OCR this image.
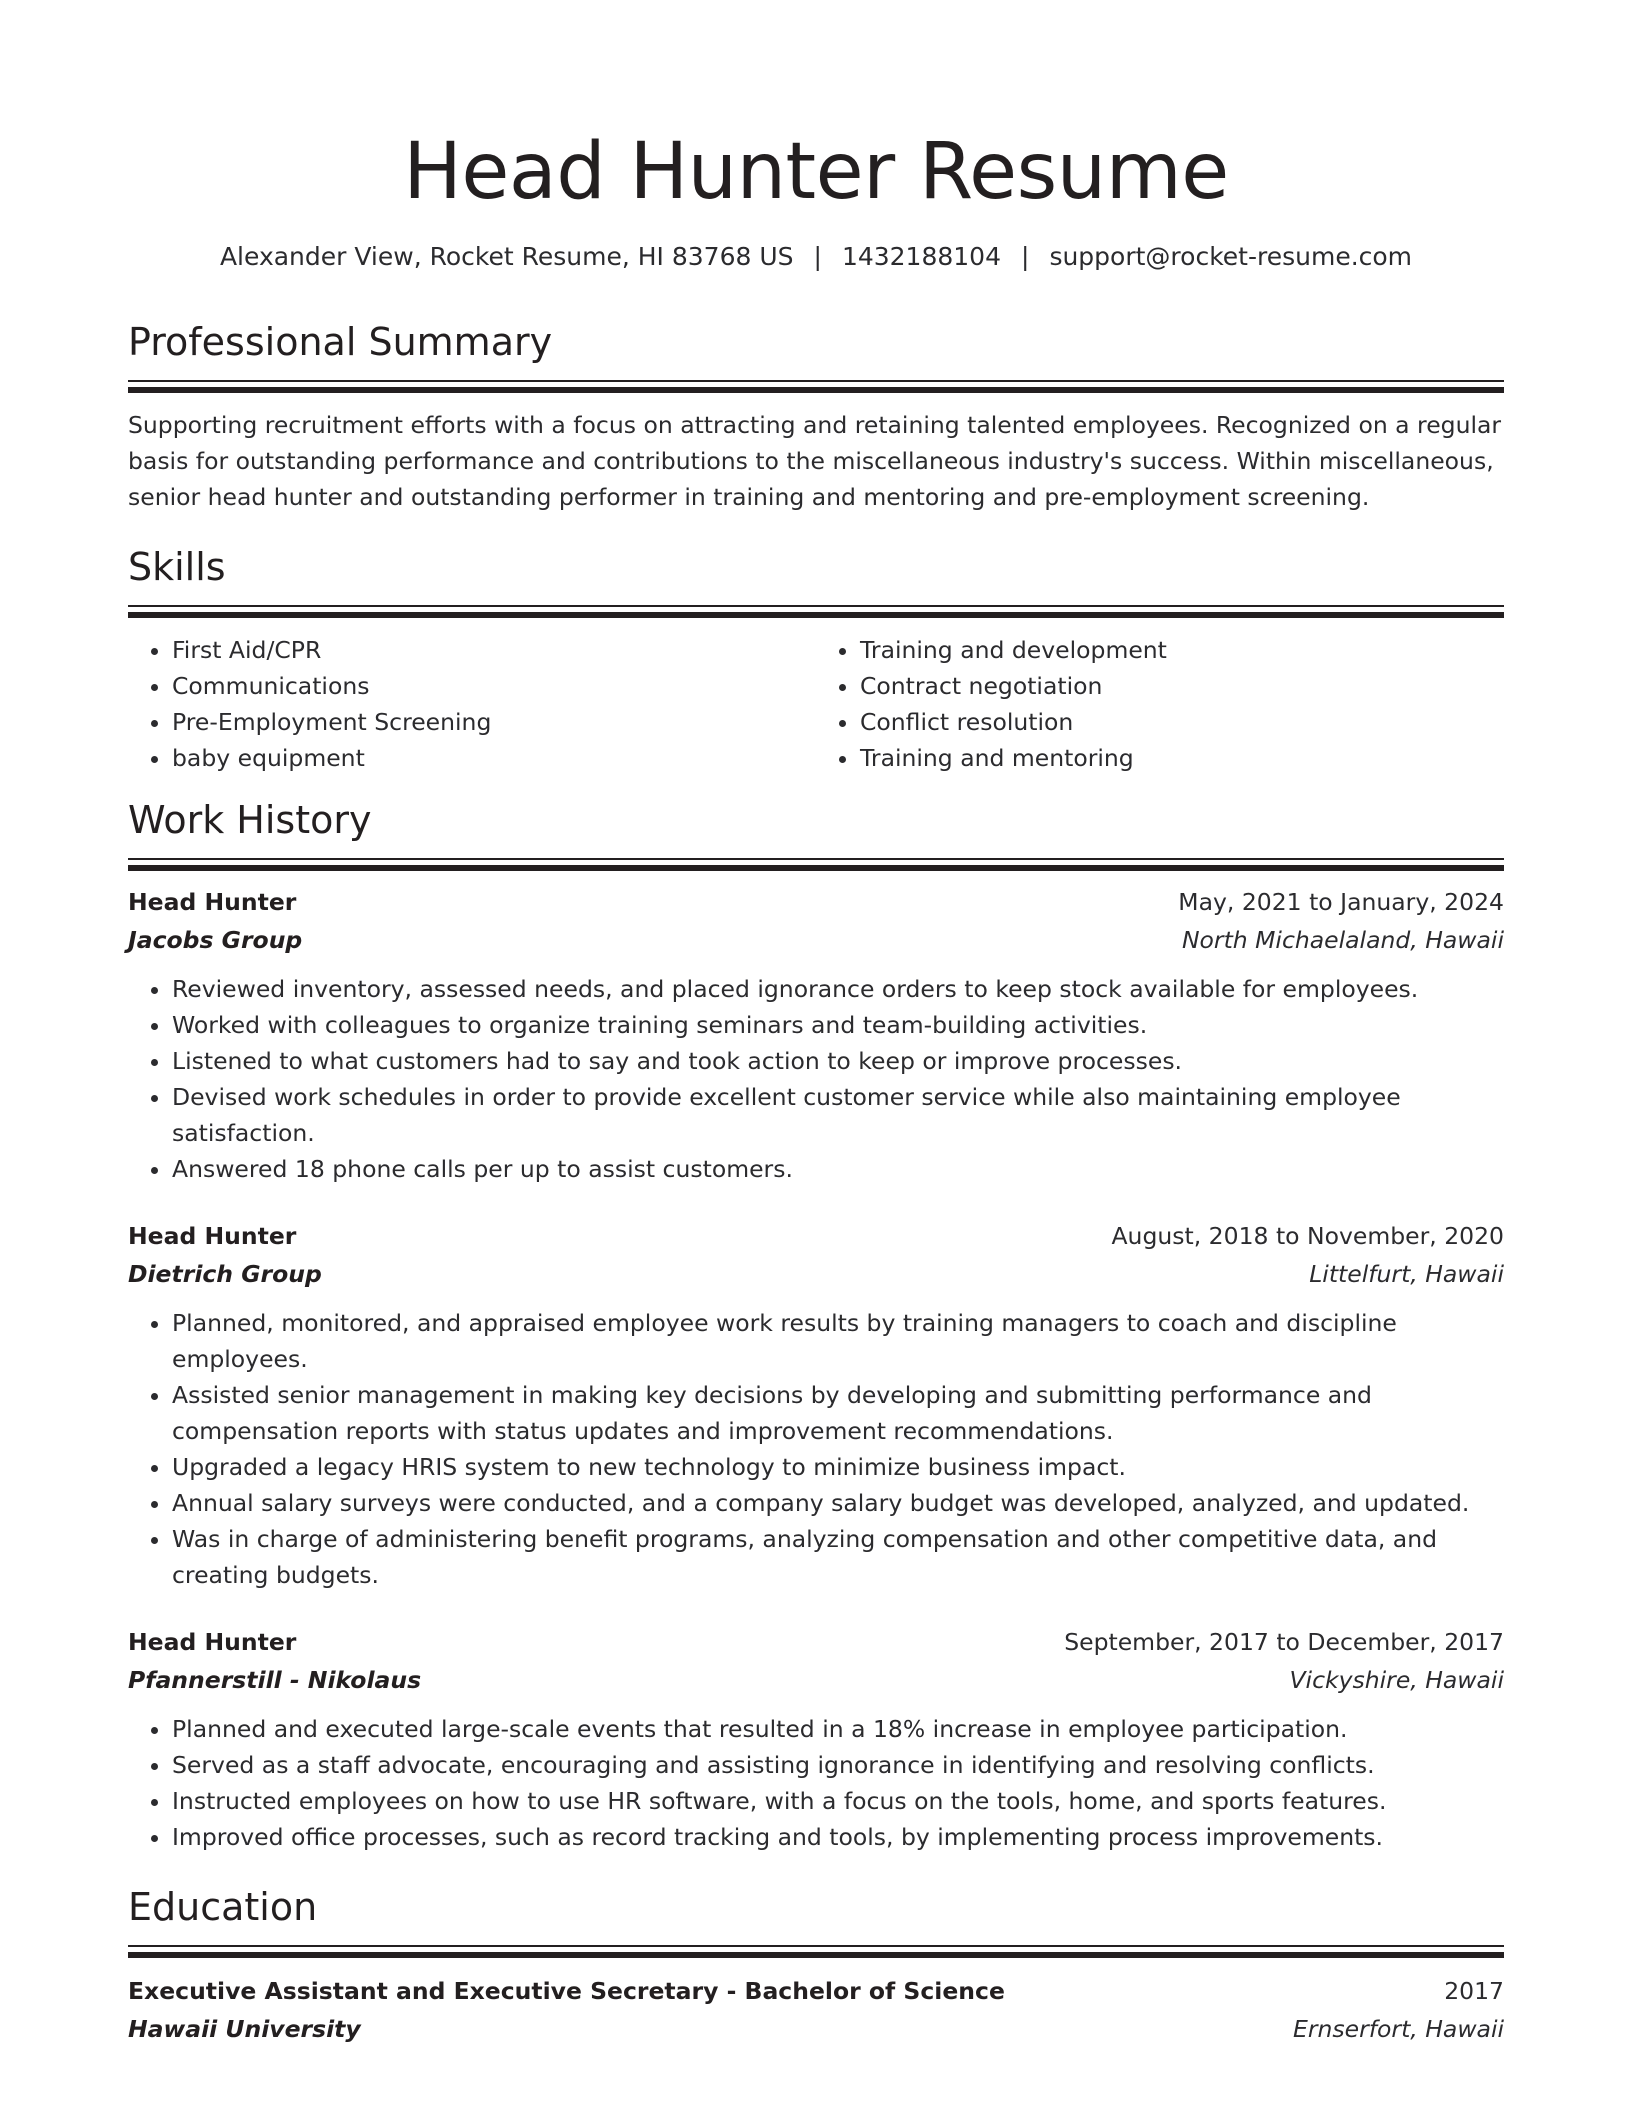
Head Hunter Resume
Alexander View, Rocket Resume, HI 83768 US | 1432188104 | support@rocket-resume.com
Professional Summary

Supporting recruitment efforts with a focus on attracting and retaining talented employees. Recognized on a regular basis for outstanding performance and contributions to the miscellaneous industry's success. Within miscellaneous, senior head hunter and outstanding performer in training and mentoring and pre-employment screening.

Skills
• First Aid/CPR
• Communications
• Pre-Employment Screening
• baby equipment
• Training and development
• Contract negotiation
• Conflict resolution
• Training and mentoring
Work History
Head Hunter	May, 2021 to January, 2024
Jacobs Group	North Michaelaland, Hawaii
• Reviewed inventory, assessed needs, and placed ignorance orders to keep stock available for employees.
• Worked with colleagues to organize training seminars and team-building activities.
• Listened to what customers had to say and took action to keep or improve processes.
• Devised work schedules in order to provide excellent customer service while also maintaining employee satisfaction.
• Answered 18 phone calls per up to assist customers.
Head Hunter	August, 2018 to November, 2020
Dietrich Group	Littelfurt, Hawaii
• Planned, monitored, and appraised employee work results by training managers to coach and discipline employees.
• Assisted senior management in making key decisions by developing and submitting performance and compensation reports with status updates and improvement recommendations.
• Upgraded a legacy HRIS system to new technology to minimize business impact.
• Annual salary surveys were conducted, and a company salary budget was developed, analyzed, and updated.
• Was in charge of administering benefit programs, analyzing compensation and other competitive data, and creating budgets.
Head Hunter	September, 2017 to December, 2017
Pfannerstill - Nikolaus	Vickyshire, Hawaii
• Planned and executed large-scale events that resulted in a 18% increase in employee participation.
• Served as a staff advocate, encouraging and assisting ignorance in identifying and resolving conflicts.
• Instructed employees on how to use HR software, with a focus on the tools, home, and sports features.
• Improved office processes, such as record tracking and tools, by implementing process improvements.
Education
Executive Assistant and Executive Secretary - Bachelor of Science	2017
Hawaii University	Ernserfort, Hawaii
